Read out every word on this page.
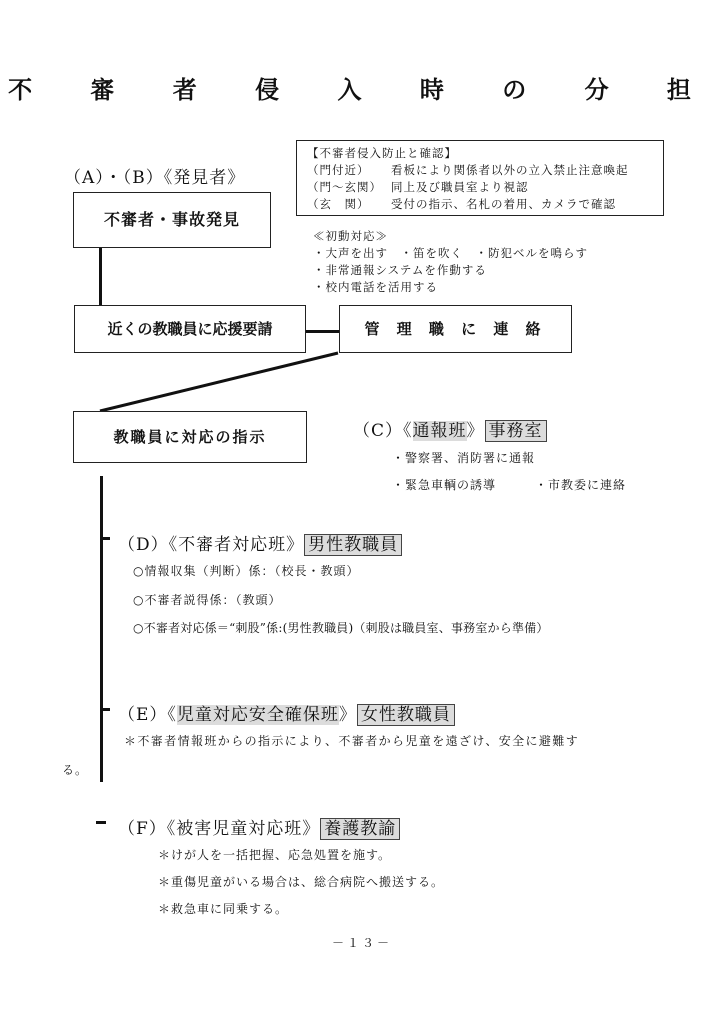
不 審 者 侵 入 時 の 分 担
【不審者侵入防止と確認】
（門付近） 看板により関係者以外の立入禁止注意喚起
（門～玄関） 同上及び職員室より視認
（玄　関） 受付の指示、名札の着用、カメラで確認
（A）・（B）《発見者》
不審者・事故発見
≪初動対応≫
・大声を出す　・笛を吹く　・防犯ベルを鳴らす
・非常通報システムを作動する
・校内電話を活用する
近くの教職員に応援要請	管 理 職 に 連 絡
教職員に対応の指示	（C）《通報班》 事務室
・警察署、消防署に通報
・緊急車輌の誘導　　　・市教委に連絡
（D）《不審者対応班》 男性教職員
○情報収集（判断）係：（校長・教頭）
○不審者説得係：（教頭）
○不審者対応係＝“刺股”係:(男性教職員)（刺股は職員室、事務室から準備）
（E）《児童対応安全確保班》 女性教職員
＊不審者情報班からの指示により、不審者から児童を遠ざけ、安全に避難す
る。
（F）《被害児童対応班》 養護教諭
＊けが人を一括把握、応急処置を施す。
＊重傷児童がいる場合は、総合病院へ搬送する。
＊救急車に同乗する。
－１３－
